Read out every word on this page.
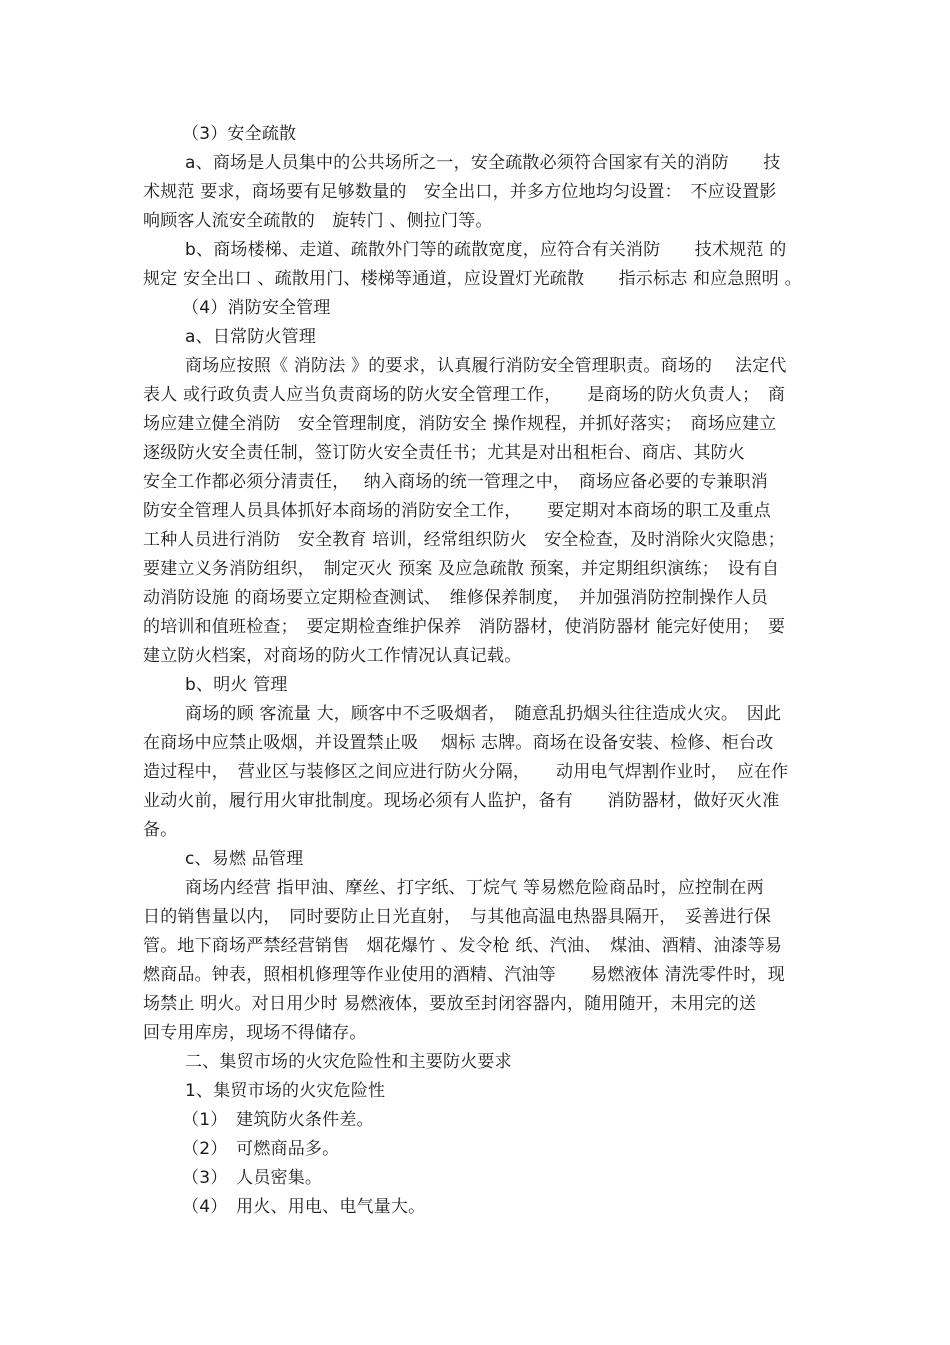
（3）安全疏散
a、商场是人员集中的公共场所之一，安全疏散必须符合国家有关的消防　　技
术规范 要求，商场要有足够数量的　安全出口，并多方位地均匀设置：　不应设置影
响顾客人流安全疏散的　旋转门 、侧拉门等。
b、商场楼梯、走道、疏散外门等的疏散宽度，应符合有关消防　　技术规范 的
规定 安全出口 、疏散用门、楼梯等通道，应设置灯光疏散　　指示标志 和应急照明 。
（4）消防安全管理
a、日常防火管理
商场应按照《 消防法 》的要求，认真履行消防安全管理职责。商场的　 法定代
表人 或行政负责人应当负责商场的防火安全管理工作，　　是商场的防火负责人；　商
场应建立健全消防　安全管理制度，消防安全 操作规程，并抓好落实；　商场应建立
逐级防火安全责任制，签订防火安全责任书；尤其是对出租柜台、商店、其防火
安全工作都必须分清责任，　 纳入商场的统一管理之中，　商场应备必要的专兼职消
防安全管理人员具体抓好本商场的消防安全工作，　　要定期对本商场的职工及重点
工种人员进行消防　安全教育 培训，经常组织防火　安全检查，及时消除火灾隐患；
要建立义务消防组织，　制定灭火 预案 及应急疏散 预案，并定期组织演练；　设有自
动消防设施 的商场要立定期检查测试、　维修保养制度，　并加强消防控制操作人员
的培训和值班检查；　要定期检查维护保养　消防器材，使消防器材 能完好使用；　要
建立防火档案，对商场的防火工作情况认真记载。
b、明火 管理
商场的顾 客流量 大，顾客中不乏吸烟者，　随意乱扔烟头往往造成火灾。　因此
在商场中应禁止吸烟，并设置禁止吸　 烟标 志牌。商场在设备安装、检修、柜台改
造过程中，　营业区与装修区之间应进行防火分隔，　　动用电气焊割作业时，　应在作
业动火前，履行用火审批制度。现场必须有人监护，备有　　消防器材，做好灭火准
备。
c、易燃 品管理
商场内经营 指甲油、摩丝、打字纸、丁烷气 等易燃危险商品时，应控制在两
日的销售量以内，　同时要防止日光直射，　与其他高温电热器具隔开，　妥善进行保
管。地下商场严禁经营销售　烟花爆竹 、发令枪 纸、汽油、　煤油、酒精、油漆等易
燃商品。钟表，照相机修理等作业使用的酒精、汽油等　　易燃液体 清洗零件时，现
场禁止 明火。对日用少时 易燃液体，要放至封闭容器内，随用随开，未用完的送
回专用库房，现场不得储存。
二、集贸市场的火灾危险性和主要防火要求
1、集贸市场的火灾危险性
（1）　建筑防火条件差。
（2）　可燃商品多。
（3）　人员密集。
（4）　用火、用电、电气量大。
